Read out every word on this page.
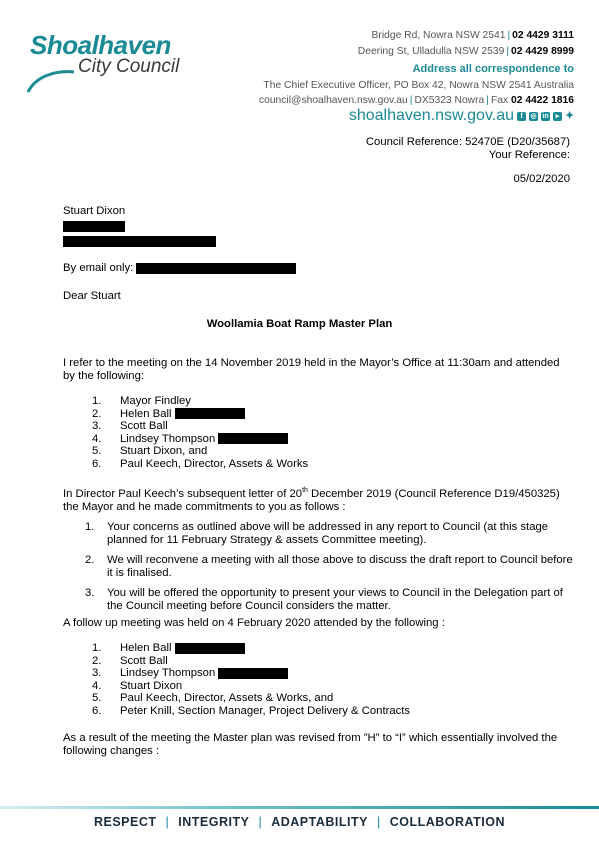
Shoalhaven
City Council
Bridge Rd, Nowra NSW 2541 | 02 4429 3111
Deering St, Ulladulla NSW 2539 | 02 4429 8999
Address all correspondence to
The Chief Executive Officer, PO Box 42, Nowra NSW 2541 Australia
council@shoalhaven.nsw.gov.au | DX5323 Nowra | Fax 02 4422 1816
shoalhaven.nsw.gov.au f	◎ in	▸ ✦
Council Reference: 52470E (D20/35687)
Your Reference:
05/02/2020
Stuart Dixon
By email only:
Dear Stuart
Woollamia Boat Ramp Master Plan
I refer to the meeting on the 14 November 2019 held in the Mayor’s Office at 11:30am and attended by the following:
1. Mayor Findley
2. Helen Ball
3. Scott Ball
4. Lindsey Thompson
5. Stuart Dixon, and
6. Paul Keech, Director, Assets & Works
In Director Paul Keech’s subsequent letter of 20th December 2019 (Council Reference D19/450325) the Mayor and he made commitments to you as follows :
1. Your concerns as outlined above will be addressed in any report to Council (at this stage planned for 11 February Strategy & assets Committee meeting).
2. We will reconvene a meeting with all those above to discuss the draft report to Council before it is finalised.
3. You will be offered the opportunity to present your views to Council in the Delegation part of the Council meeting before Council considers the matter.
A follow up meeting was held on 4 February 2020 attended by the following :
1. Helen Ball
2. Scott Ball
3. Lindsey Thompson
4. Stuart Dixon
5. Paul Keech, Director, Assets & Works, and
6. Peter Knill, Section Manager, Project Delivery & Contracts
As a result of the meeting the Master plan was revised from ”H” to “I” which essentially involved the following changes :
RESPECT | INTEGRITY | ADAPTABILITY | COLLABORATION
